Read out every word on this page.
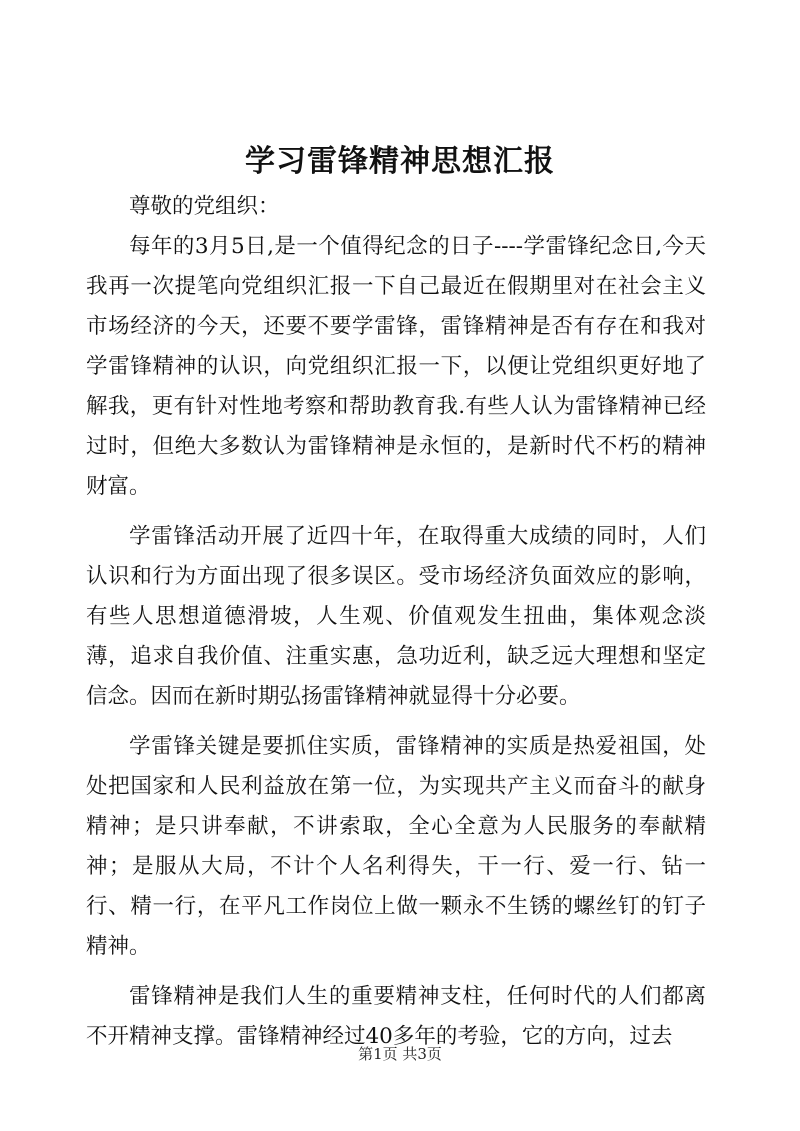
学习雷锋精神思想汇报

尊敬的党组织：

每年的3月5日,是一个值得纪念的日子----学雷锋纪念日,今天我再一次提笔向党组织汇报一下自己最近在假期里对在社会主义市场经济的今天，还要不要学雷锋，雷锋精神是否有存在和我对学雷锋精神的认识，向党组织汇报一下，以便让党组织更好地了解我，更有针对性地考察和帮助教育我.有些人认为雷锋精神已经过时，但绝大多数认为雷锋精神是永恒的，是新时代不朽的精神财富。

学雷锋活动开展了近四十年，在取得重大成绩的同时，人们认识和行为方面出现了很多误区。受市场经济负面效应的影响，有些人思想道德滑坡，人生观、价值观发生扭曲，集体观念淡薄，追求自我价值、注重实惠，急功近利，缺乏远大理想和坚定信念。因而在新时期弘扬雷锋精神就显得十分必要。

学雷锋关键是要抓住实质，雷锋精神的实质是热爱祖国，处处把国家和人民利益放在第一位，为实现共产主义而奋斗的献身精神；是只讲奉献，不讲索取，全心全意为人民服务的奉献精神；是服从大局，不计个人名利得失，干一行、爱一行、钻一行、精一行，在平凡工作岗位上做一颗永不生锈的螺丝钉的钉子精神。

雷锋精神是我们人生的重要精神支柱，任何时代的人们都离不开精神支撑。雷锋精神经过40多年的考验，它的方向，过去

第1页 共3页
